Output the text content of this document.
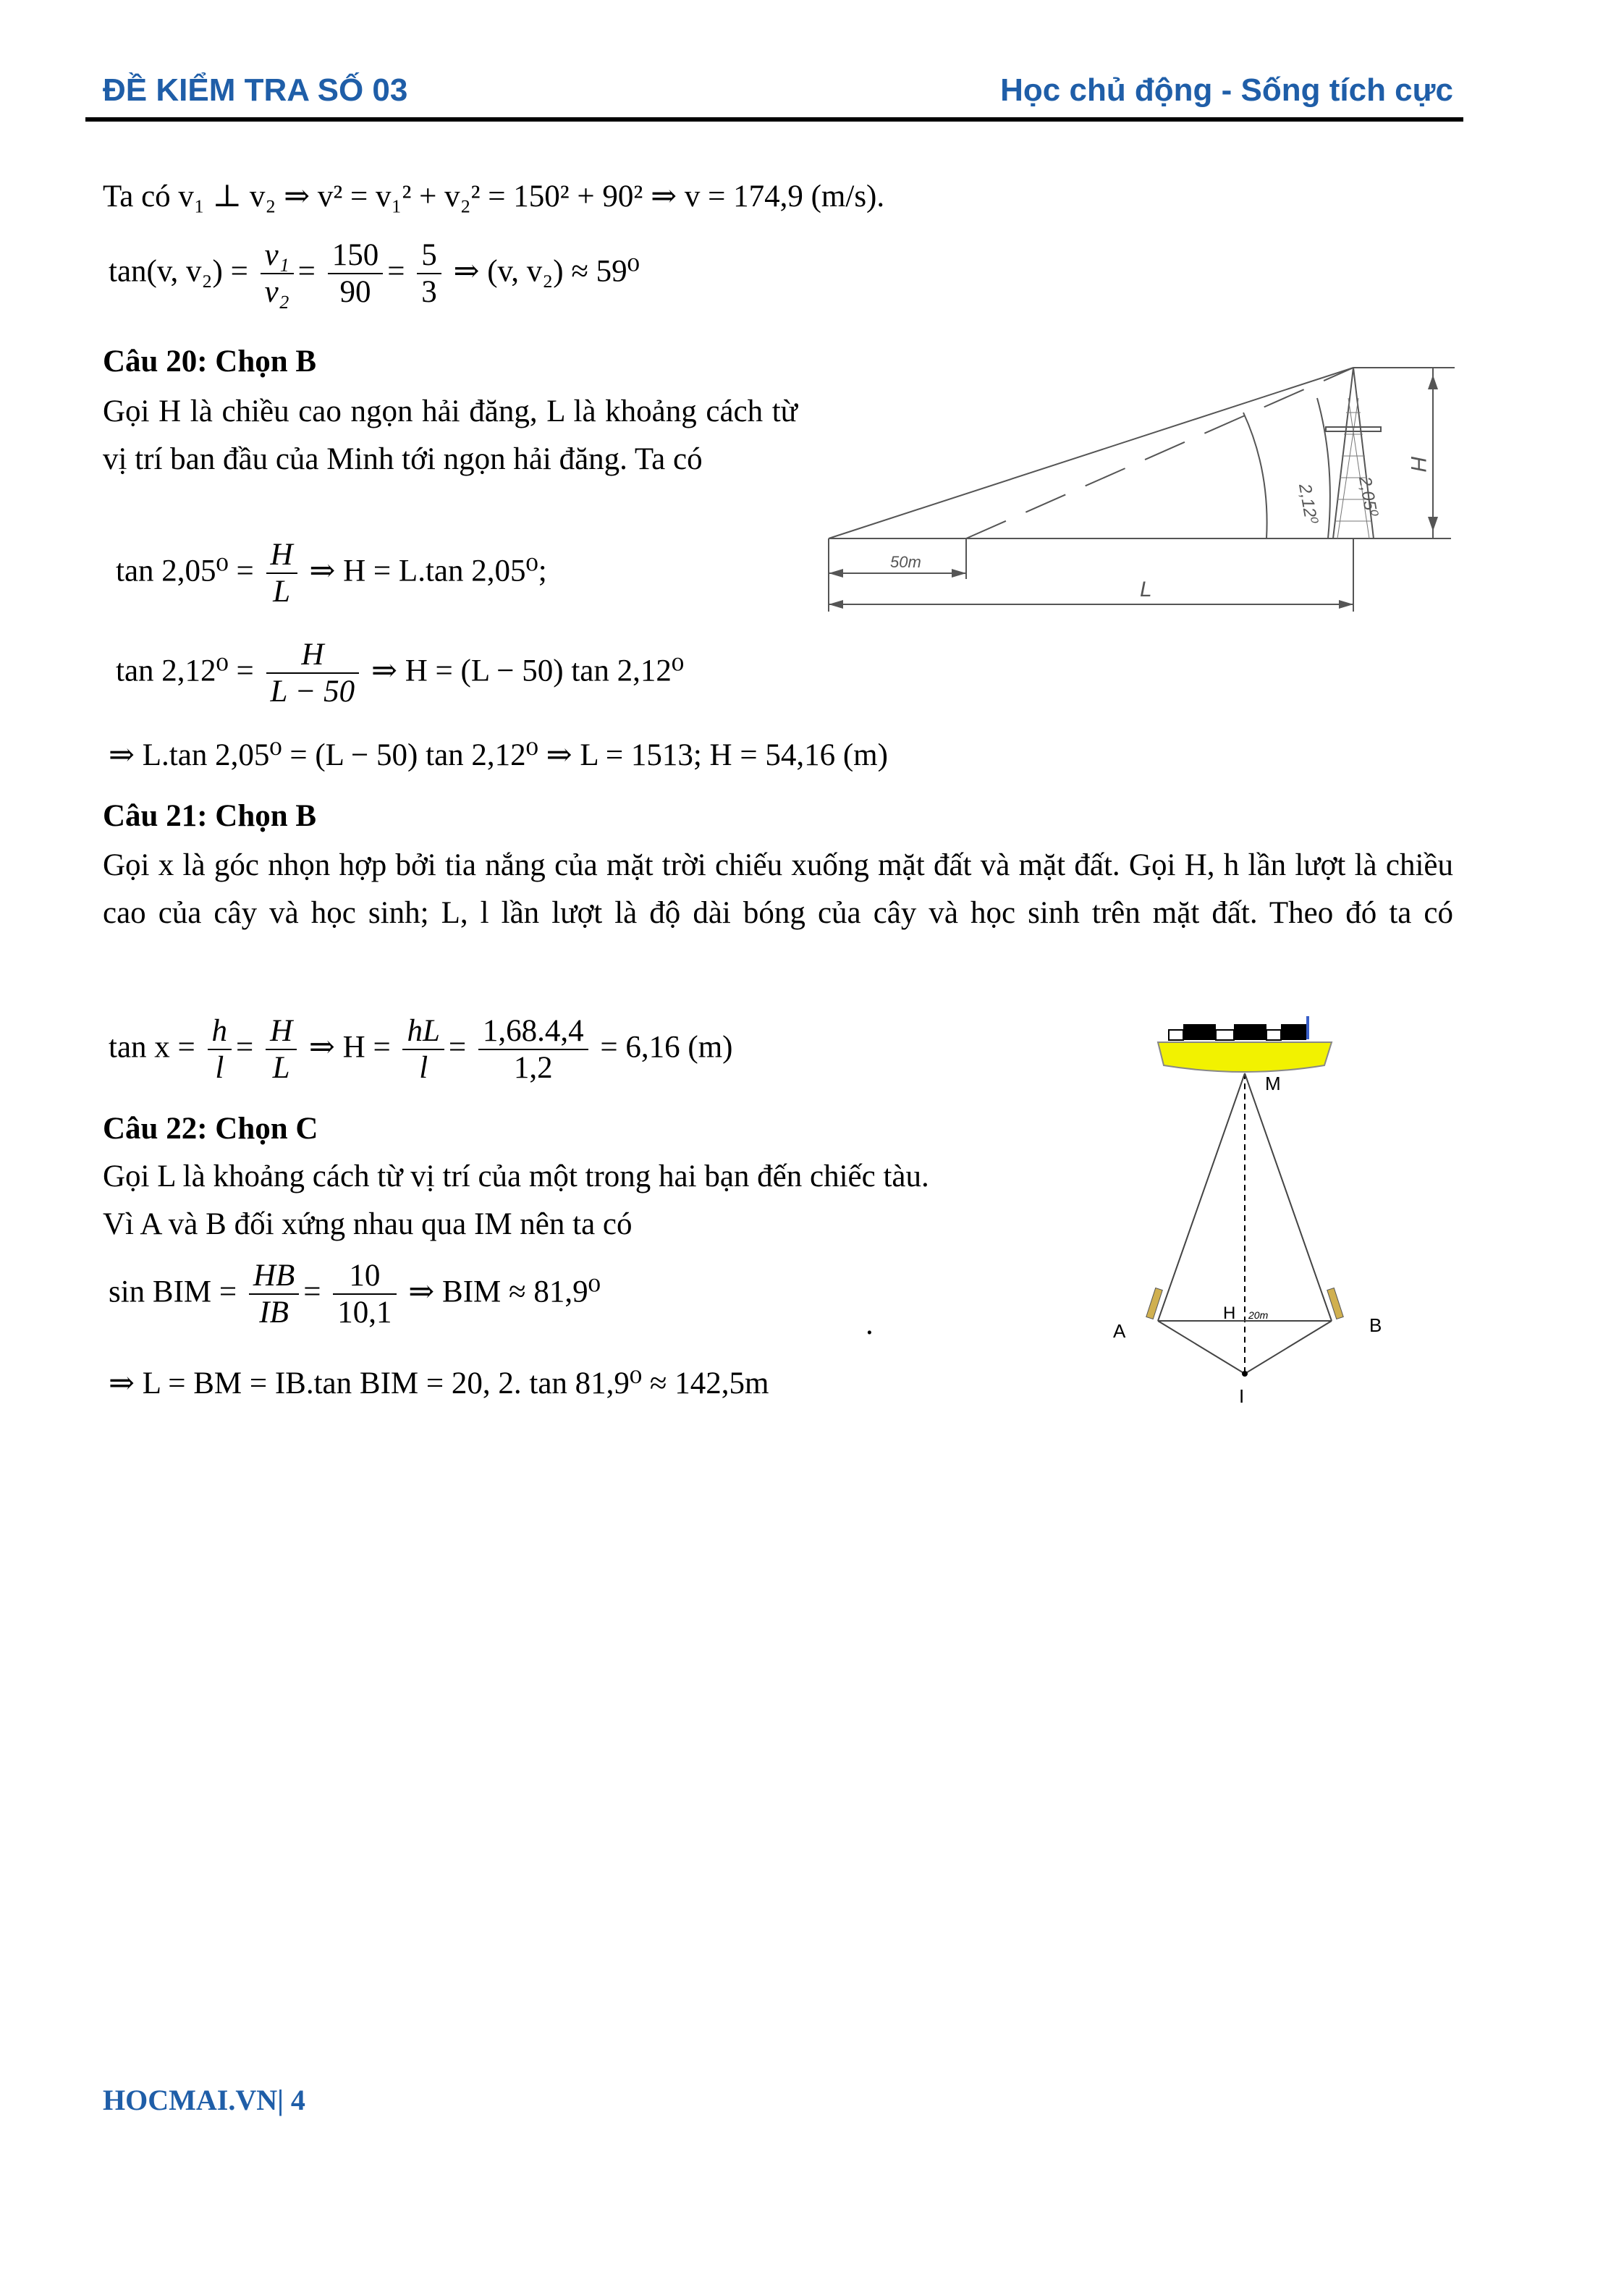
ĐỀ KIỂM TRA SỐ 03	Học chủ động - Sống tích cực
Ta có v₁ ⊥ v₂ ⇒ v² = v₁² + v₂² = 150² + 90² ⇒ v = 174,9 (m/s).
tan(v, $v_2) = \frac{\text{v₁}}{\text{v₂}} = \frac{150}{90} = \frac{5}{3}$ ⇒ (v, v₂) ≈ 59⁰
Câu 20: Chọn B
Gọi H là chiều cao ngọn hải đăng, L là khoảng cách từ vị trí ban đầu của Minh tới ngọn hải đăng. Ta có
$\tan 2,05^0 = \frac{H}{L}$ ⇒ H = L.tan 2,05⁰;
$\tan 2,12^0 = \frac{H}{L - 50}$ ⇒ H = (L − 50) tan 2,12⁰
⇒ L.tan 2,05⁰ = (L − 50) tan 2,12⁰ ⇒ L = 1513; H = 54,16 (m)
2,12⁰ 2,05⁰
H
50m
L
Câu 21: Chọn B
Gọi x là góc nhọn hợp bởi tia nắng của mặt trời chiếu xuống mặt đất và mặt đất. Gọi H, h lần lượt là chiều cao của cây và học sinh; L, l lần lượt là độ dài bóng của cây và học sinh trên mặt đất. Theo đó ta có
$\tan x = \frac{h}{l} = \frac{H}{L}$ ⇒ $H = \frac{hL}{l} = \frac{1,68.4,4}{1,2} = 6,16$ (m)
Câu 22: Chọn C
Gọi L là khoảng cách từ vị trí của một trong hai bạn đến chiếc tàu.
Vì A và B đối xứng nhau qua IM nên ta có
sin BIM = $\frac{HB}{IB} = \frac{10}{10,1}$ ⇒ BIM ≈ 81,9⁰
.
⇒ L = BM = IB.tan BIM = 20, 2. tan 81,9⁰ ≈ 142,5m
M
A	B
H 20m
I
HOCMAI.VN| 4
